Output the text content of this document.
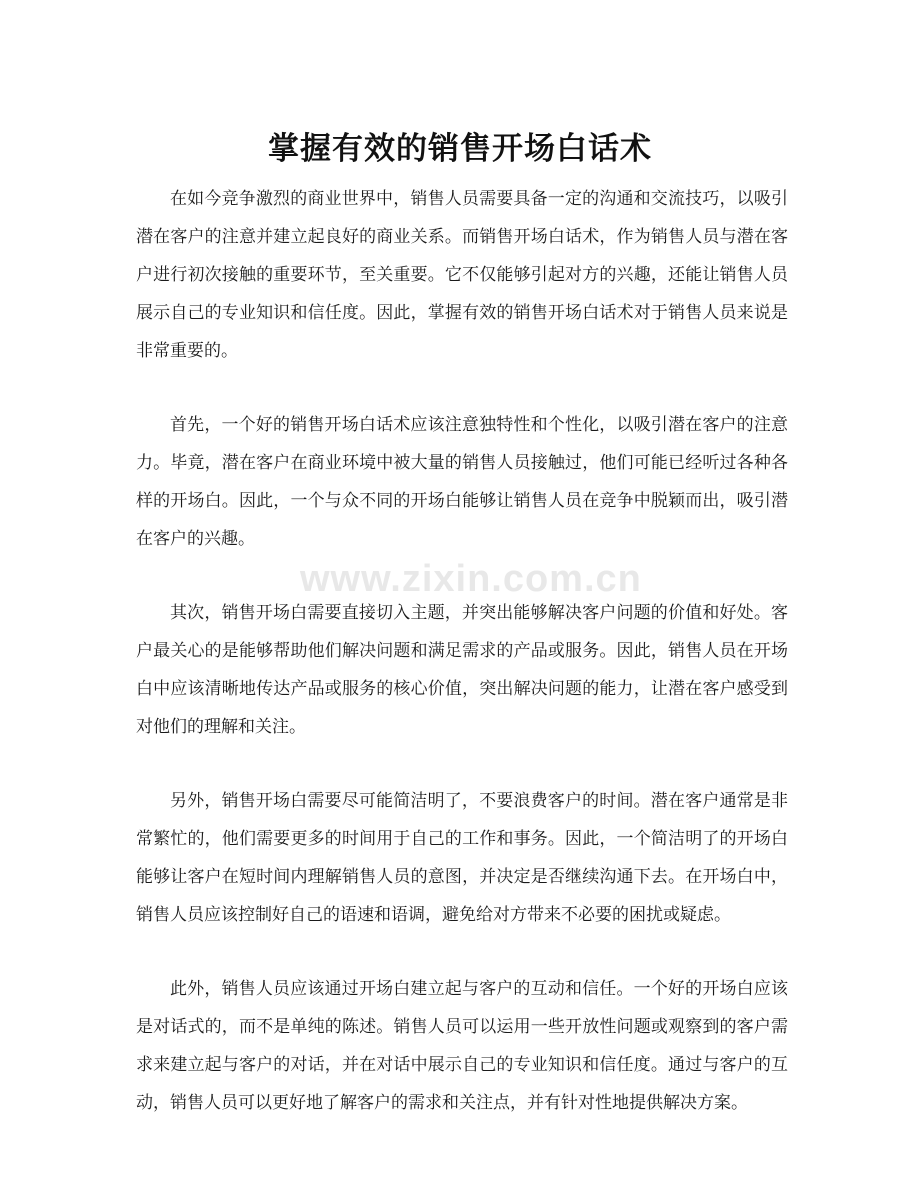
掌握有效的销售开场白话术

在如今竞争激烈的商业世界中，销售人员需要具备一定的沟通和交流技巧，以吸引潜在客户的注意并建立起良好的商业关系。而销售开场白话术，作为销售人员与潜在客户进行初次接触的重要环节，至关重要。它不仅能够引起对方的兴趣，还能让销售人员展示自己的专业知识和信任度。因此，掌握有效的销售开场白话术对于销售人员来说是非常重要的。

首先，一个好的销售开场白话术应该注意独特性和个性化，以吸引潜在客户的注意力。毕竟，潜在客户在商业环境中被大量的销售人员接触过，他们可能已经听过各种各样的开场白。因此，一个与众不同的开场白能够让销售人员在竞争中脱颖而出，吸引潜在客户的兴趣。

其次，销售开场白需要直接切入主题，并突出能够解决客户问题的价值和好处。客户最关心的是能够帮助他们解决问题和满足需求的产品或服务。因此，销售人员在开场白中应该清晰地传达产品或服务的核心价值，突出解决问题的能力，让潜在客户感受到对他们的理解和关注。

另外，销售开场白需要尽可能简洁明了，不要浪费客户的时间。潜在客户通常是非常繁忙的，他们需要更多的时间用于自己的工作和事务。因此，一个简洁明了的开场白能够让客户在短时间内理解销售人员的意图，并决定是否继续沟通下去。在开场白中，销售人员应该控制好自己的语速和语调，避免给对方带来不必要的困扰或疑虑。

此外，销售人员应该通过开场白建立起与客户的互动和信任。一个好的开场白应该是对话式的，而不是单纯的陈述。销售人员可以运用一些开放性问题或观察到的客户需求来建立起与客户的对话，并在对话中展示自己的专业知识和信任度。通过与客户的互动，销售人员可以更好地了解客户的需求和关注点，并有针对性地提供解决方案。

www.zixin.com.cn
